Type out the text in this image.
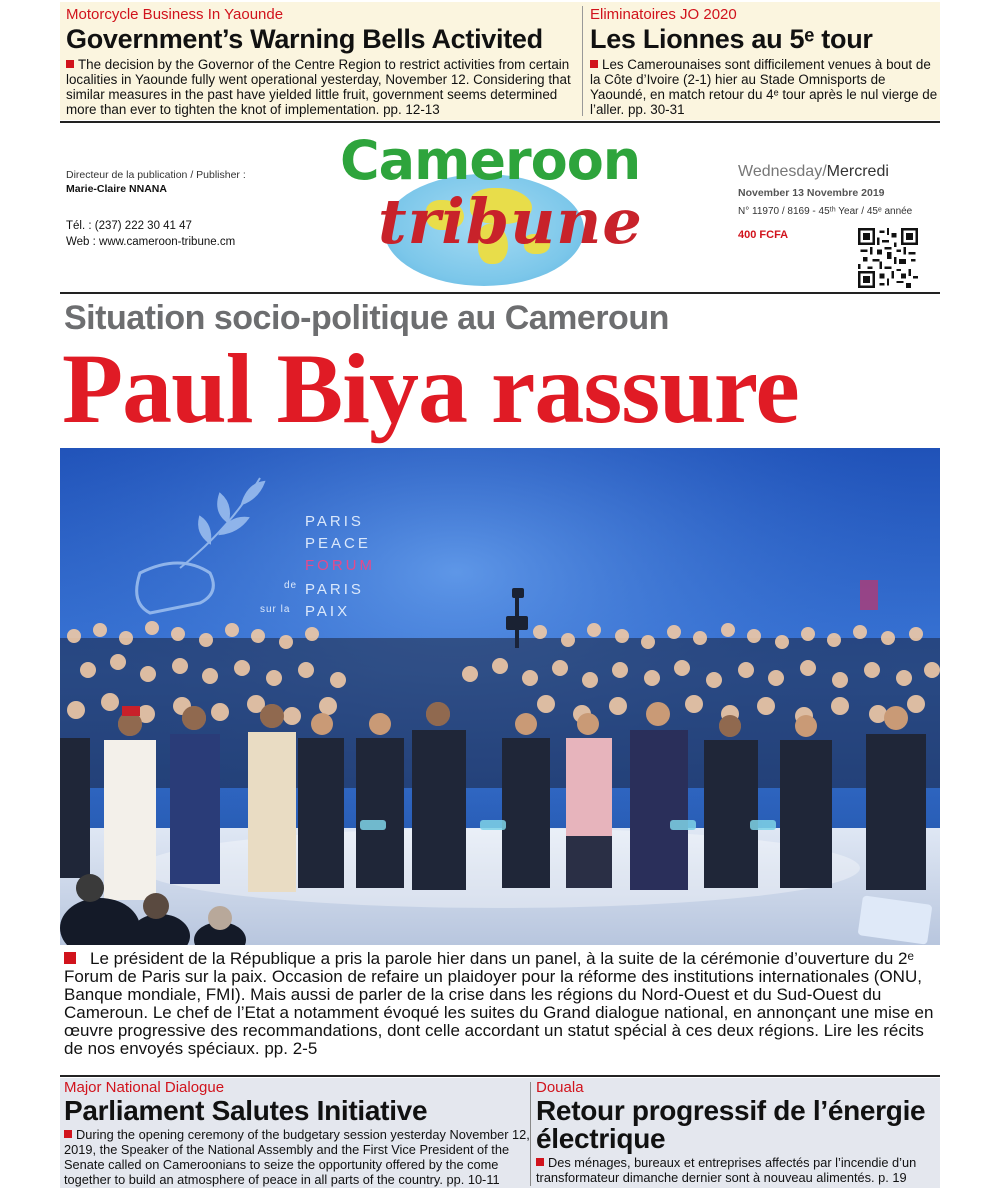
Motorcycle Business In Yaounde
Government’s Warning Bells Activited
The decision by the Governor of the Centre Region to restrict activities from certain localities in Yaounde fully went operational yesterday, November 12. Considering that similar measures in the past have yielded little fruit, government seems determined more than ever to tighten the knot of implementation. pp. 12-13
Eliminatoires JO 2020
Les Lionnes au 5ᵉ tour
Les Camerounaises sont difficilement venues à bout de la Côte d’Ivoire (2-1) hier au Stade Omnisports de Yaoundé, en match retour du 4ᵉ tour après le nul vierge de l’aller. pp. 30-31
Directeur de la publication / Publisher :
Marie-Claire NNANA
Tél. : (237) 222 30 41 47
Web : www.cameroon-tribune.cm
Cameroon
tribune
Wednesday/Mercredi
November 13 Novembre 2019
N° 11970 / 8169 - 45ᵗʰ Year / 45ᵉ année
400 FCFA
Situation socio-politique au Cameroun
Paul Biya rassure
PARIS
PEACE
FORUM
de PARIS
sur la PAIX
Le président de la République a pris la parole hier dans un panel, à la suite de la cérémonie d’ouverture du 2ᵉ Forum de Paris sur la paix. Occasion de refaire un plaidoyer pour la réforme des institutions internationales (ONU, Banque mondiale, FMI). Mais aussi de parler de la crise dans les régions du Nord-Ouest et du Sud-Ouest du Cameroun. Le chef de l’Etat a notamment évoqué les suites du Grand dialogue national, en annonçant une mise en œuvre progressive des recommandations, dont celle accordant un statut spécial à ces deux régions. Lire les récits de nos envoyés spéciaux. pp. 2-5
Major National Dialogue
Parliament Salutes Initiative
During the opening ceremony of the budgetary session yesterday November 12, 2019, the Speaker of the National Assembly and the First Vice President of the Senate called on Cameroonians to seize the opportunity offered by the come together to build an atmosphere of peace in all parts of the country. pp. 10-11
Douala
Retour progressif de l’énergie électrique
Des ménages, bureaux et entreprises affectés par l’incendie d’un transformateur dimanche dernier sont à nouveau alimentés. p. 19
